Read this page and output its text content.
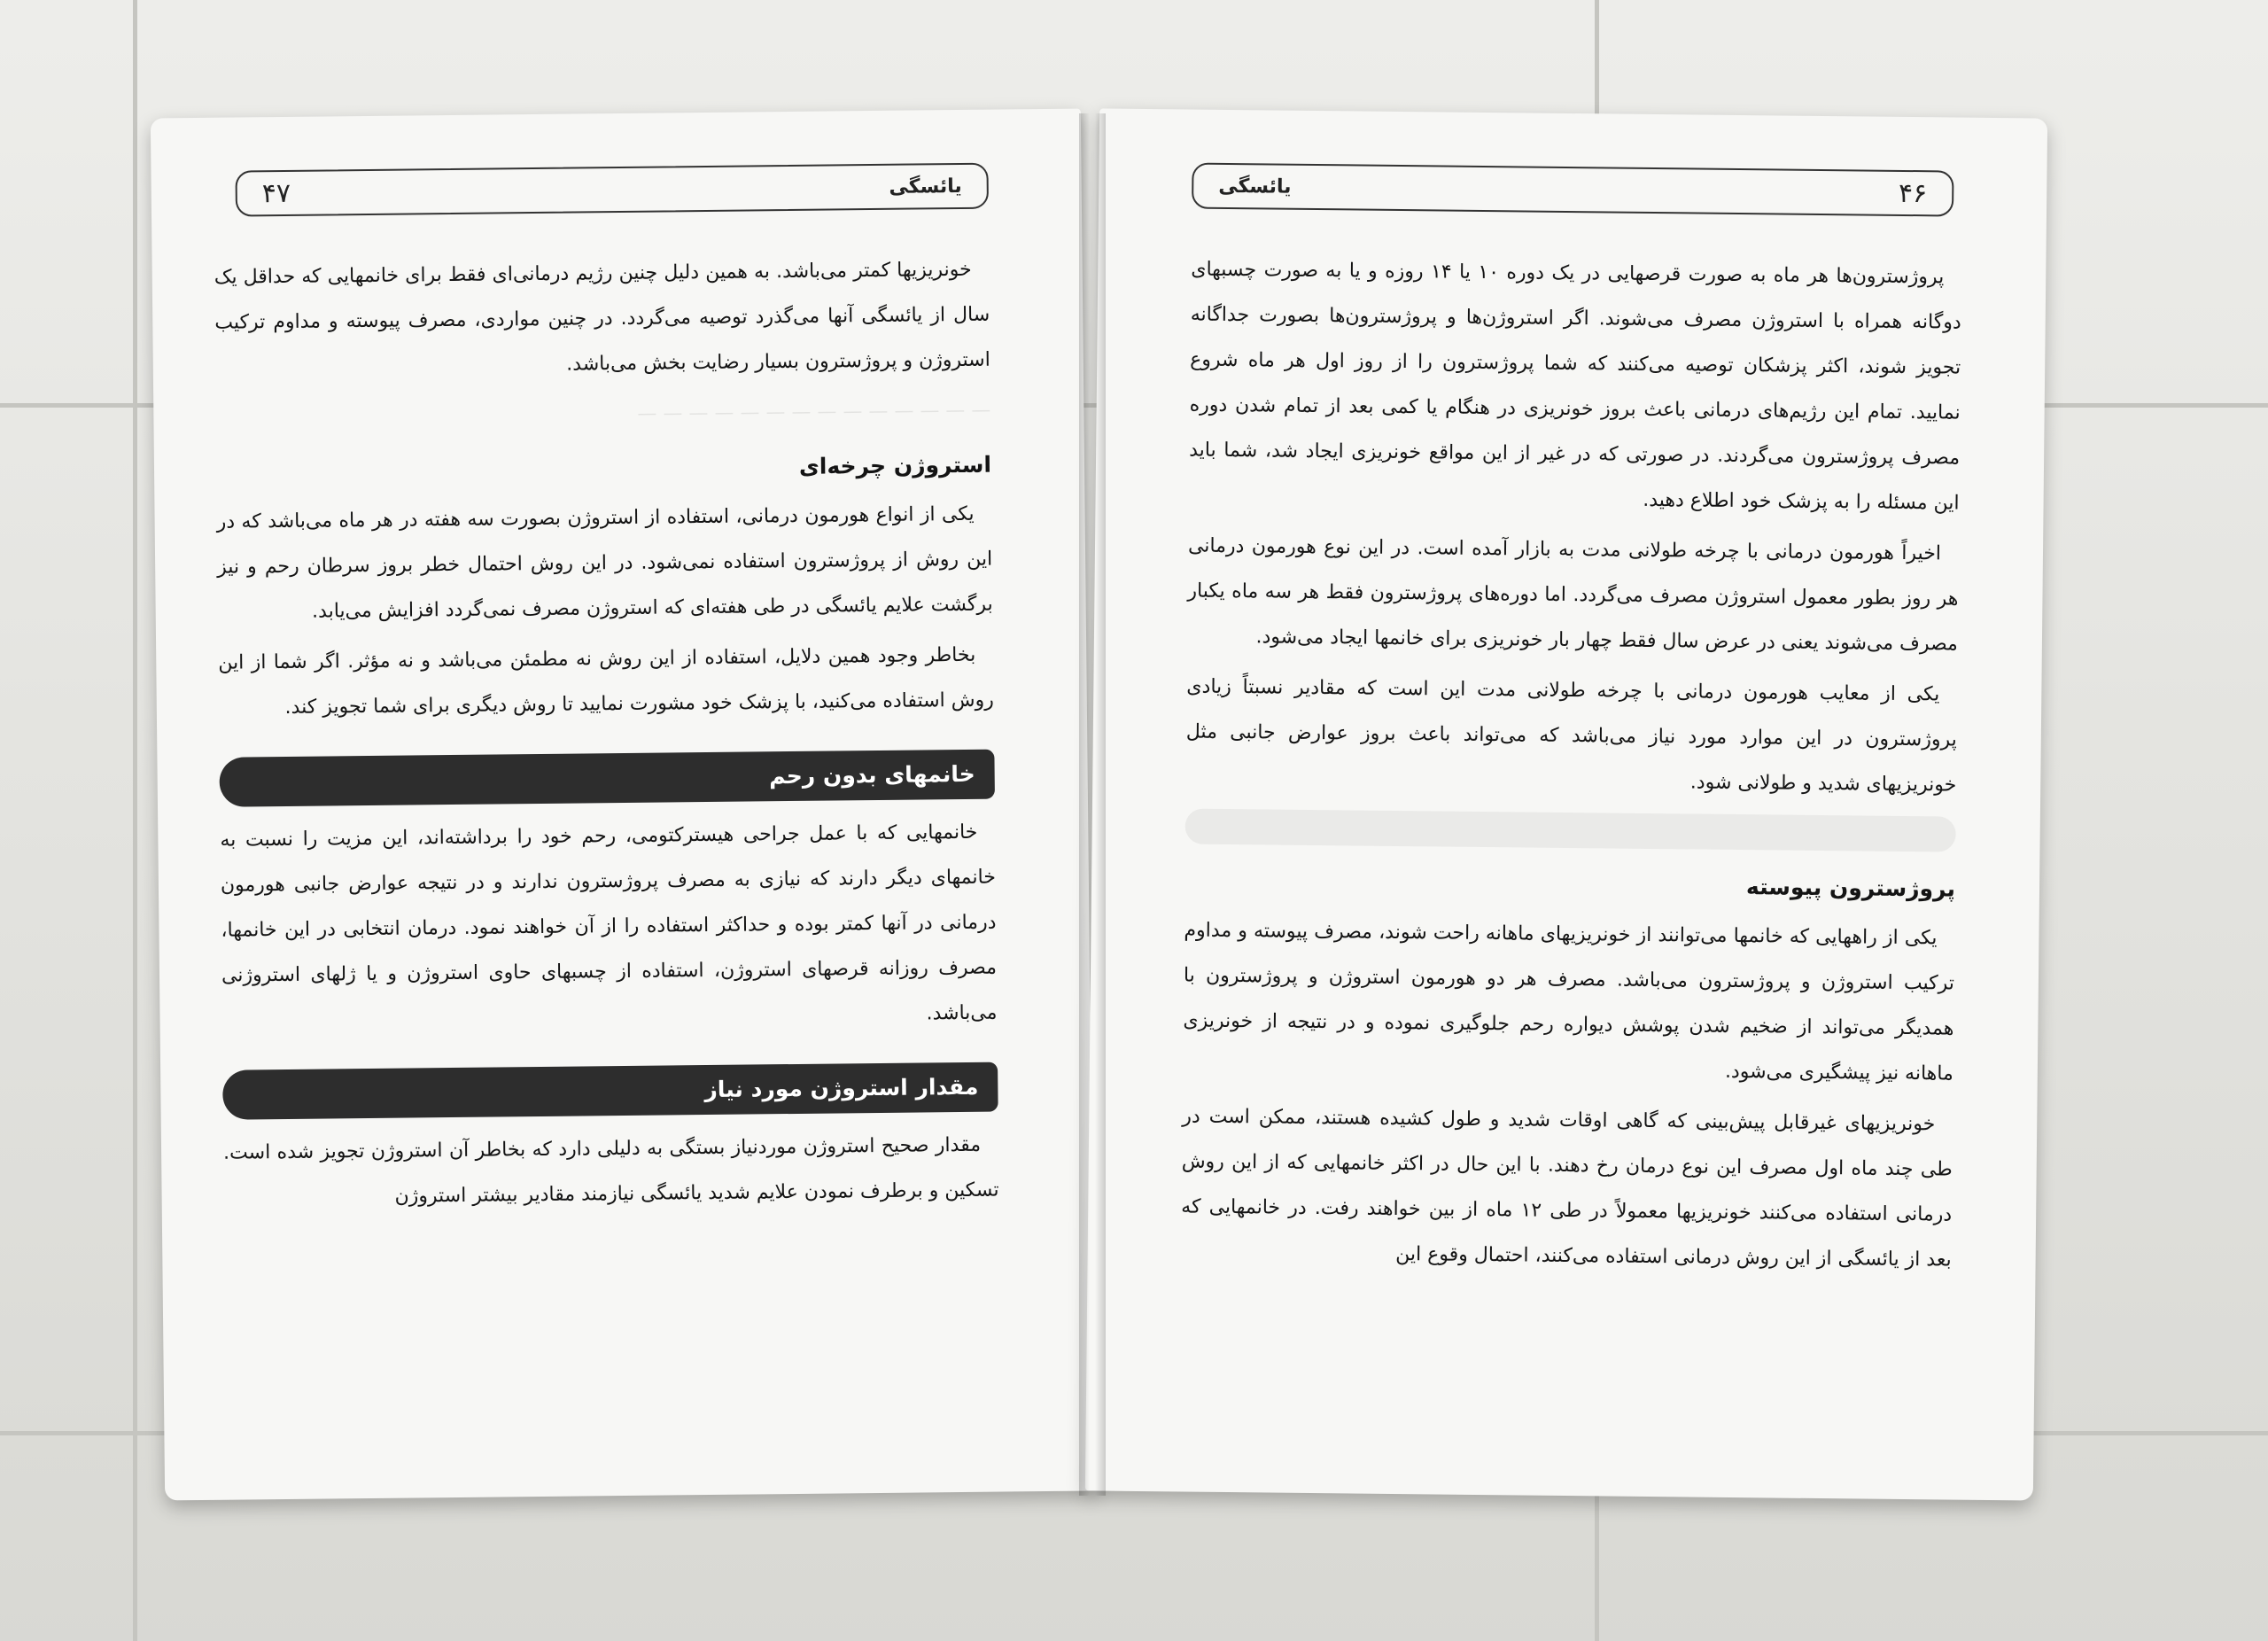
۴۷	یائسگی

خونریزیها کمتر می‌باشد. به همین دلیل چنین رژیم درمانی‌ای فقط برای خانمهایی که حداقل یک سال از یائسگی آنها می‌گذرد توصیه می‌گردد. در چنین مواردی، مصرف پیوسته و مداوم ترکیب استروژن و پروژسترون بسیار رضایت بخش می‌باشد.

— — — — — — — — — — — — — —
استروژن چرخه‌ای

یکی از انواع هورمون درمانی، استفاده از استروژن بصورت سه هفته در هر ماه می‌باشد که در این روش از پروژسترون استفاده نمی‌شود. در این روش احتمال خطر بروز سرطان رحم و نیز برگشت علایم یائسگی در طی هفته‌ای که استروژن مصرف نمی‌گردد افزایش می‌یابد.

بخاطر وجود همین دلایل، استفاده از این روش نه مطمئن می‌باشد و نه مؤثر. اگر شما از این روش استفاده می‌کنید، با پزشک خود مشورت نمایید تا روش دیگری برای شما تجویز کند.

خانمهای بدون رحم

خانمهایی که با عمل جراحی هیسترکتومی، رحم خود را برداشته‌اند، این مزیت را نسبت به خانمهای دیگر دارند که نیازی به مصرف پروژسترون ندارند و در نتیجه عوارض جانبی هورمون درمانی در آنها کمتر بوده و حداکثر استفاده را از آن خواهند نمود. درمان انتخابی در این خانمها، مصرف روزانه قرصهای استروژن، استفاده از چسبهای حاوی استروژن و یا ژلهای استروژنی می‌باشد.

مقدار استروژن مورد نیاز

مقدار صحیح استروژن موردنیاز بستگی به دلیلی دارد که بخاطر آن استروژن تجویز شده است. تسکین و برطرف نمودن علایم شدید یائسگی نیازمند مقادیر بیشتر استروژن

یائسگی	۴۶

پروژسترون‌ها هر ماه به صورت قرصهایی در یک دوره ۱۰ یا ۱۴ روزه و یا به صورت چسبهای دوگانه همراه با استروژن مصرف می‌شوند. اگر استروژن‌ها و پروژسترون‌ها بصورت جداگانه تجویز شوند، اکثر پزشکان توصیه می‌کنند که شما پروژسترون را از روز اول هر ماه شروع نمایید. تمام این رژیم‌های درمانی باعث بروز خونریزی در هنگام یا کمی بعد از تمام شدن دوره مصرف پروژسترون می‌گردند. در صورتی که در غیر از این مواقع خونریزی ایجاد شد، شما باید این مسئله را به پزشک خود اطلاع دهید.

اخیراً هورمون درمانی با چرخه طولانی مدت به بازار آمده است. در این نوع هورمون درمانی هر روز بطور معمول استروژن مصرف می‌گردد. اما دوره‌های پروژسترون فقط هر سه ماه یکبار مصرف می‌شوند یعنی در عرض سال فقط چهار بار خونریزی برای خانمها ایجاد می‌شود.

یکی از معایب هورمون درمانی با چرخه طولانی مدت این است که مقادیر نسبتاً زیادی پروژسترون در این موارد مورد نیاز می‌باشد که می‌تواند باعث بروز عوارض جانبی مثل خونریزیهای شدید و طولانی شود.

پروژسترون پیوسته

یکی از راههایی که خانمها می‌توانند از خونریزیهای ماهانه راحت شوند، مصرف پیوسته و مداوم ترکیب استروژن و پروژسترون می‌باشد. مصرف هر دو هورمون استروژن و پروژسترون با همدیگر می‌تواند از ضخیم شدن پوشش دیواره رحم جلوگیری نموده و در نتیجه از خونریزی ماهانه نیز پیشگیری می‌شود.

خونریزیهای غیرقابل پیش‌بینی که گاهی اوقات شدید و طول کشیده هستند، ممکن است در طی چند ماه اول مصرف این نوع درمان رخ دهند. با این حال در اکثر خانمهایی که از این روش درمانی استفاده می‌کنند خونریزیها معمولاً در طی ۱۲ ماه از بین خواهند رفت. در خانمهایی که بعد از یائسگی از این روش درمانی استفاده می‌کنند، احتمال وقوع این
